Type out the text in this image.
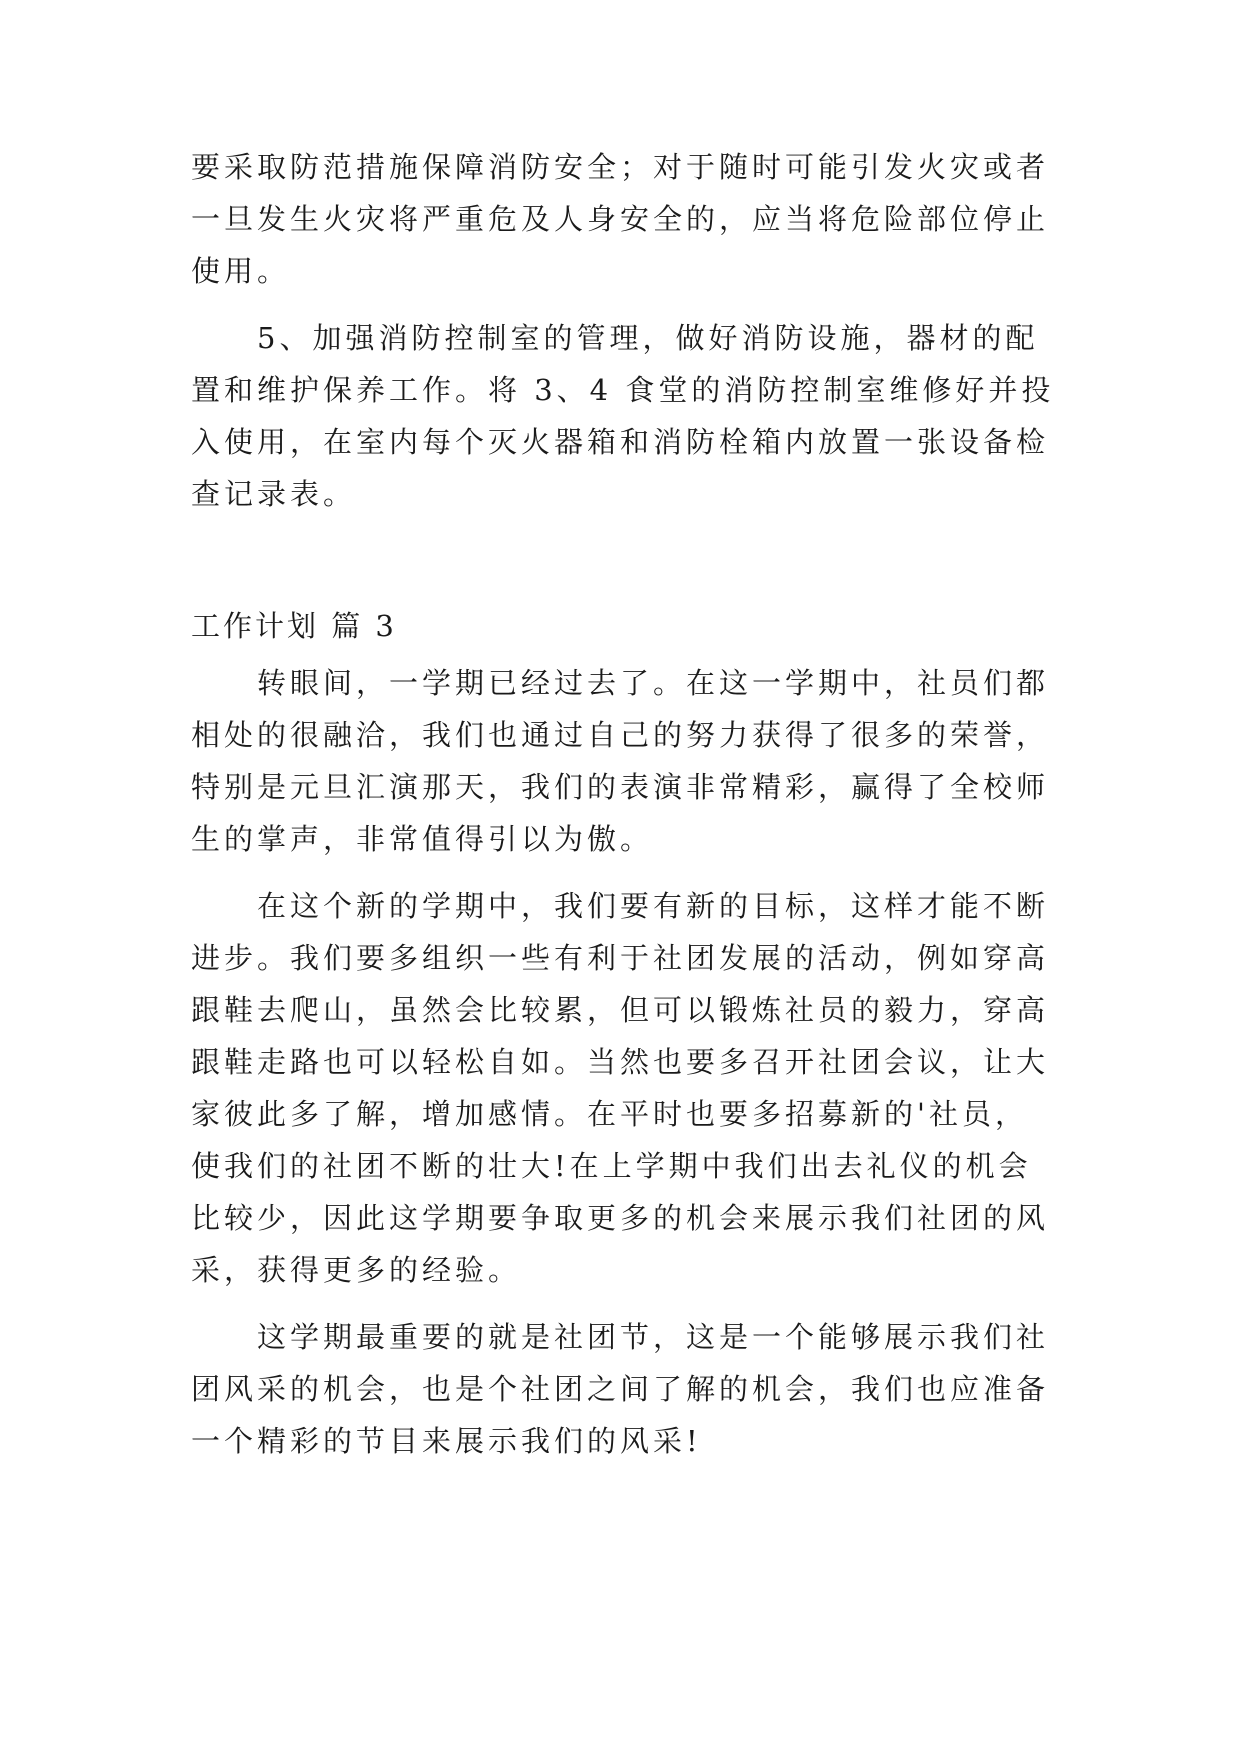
要采取防范措施保障消防安全；对于随时可能引发火灾或者
一旦发生火灾将严重危及人身安全的，应当将危险部位停止
使用。
5、加强消防控制室的管理，做好消防设施，器材的配
置和维护保养工作。将 3、4 食堂的消防控制室维修好并投
入使用，在室内每个灭火器箱和消防栓箱内放置一张设备检
查记录表。
工作计划 篇 3
转眼间，一学期已经过去了。在这一学期中，社员们都
相处的很融洽，我们也通过自己的努力获得了很多的荣誉，
特别是元旦汇演那天，我们的表演非常精彩，赢得了全校师
生的掌声，非常值得引以为傲。
在这个新的学期中，我们要有新的目标，这样才能不断
进步。我们要多组织一些有利于社团发展的活动，例如穿高
跟鞋去爬山，虽然会比较累，但可以锻炼社员的毅力，穿高
跟鞋走路也可以轻松自如。当然也要多召开社团会议，让大
家彼此多了解，增加感情。在平时也要多招募新的'社员，
使我们的社团不断的壮大!在上学期中我们出去礼仪的机会
比较少，因此这学期要争取更多的机会来展示我们社团的风
采，获得更多的经验。
这学期最重要的就是社团节，这是一个能够展示我们社
团风采的机会，也是个社团之间了解的机会，我们也应准备
一个精彩的节目来展示我们的风采!
